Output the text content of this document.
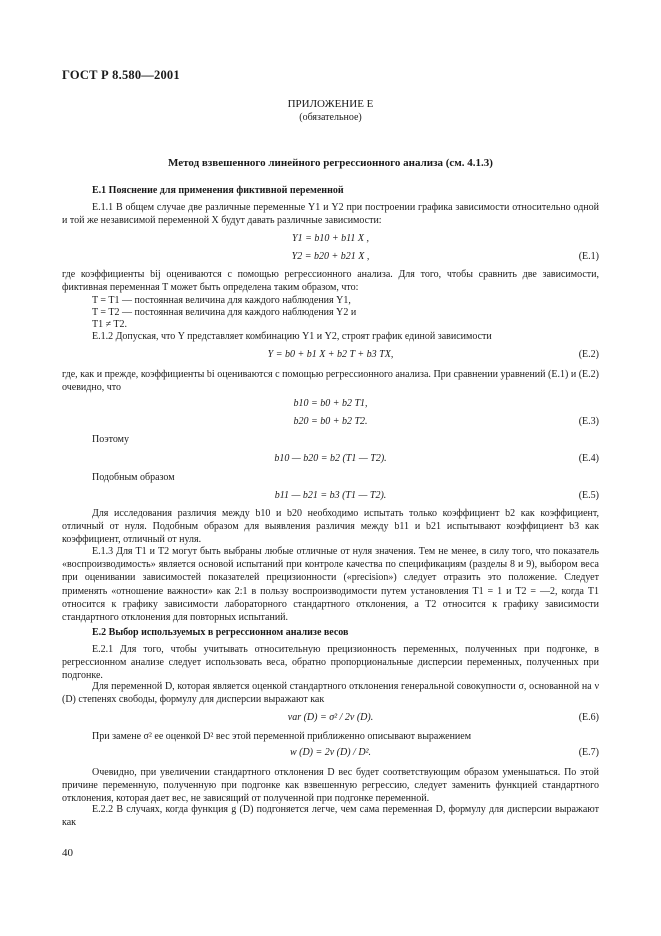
ГОСТ Р 8.580—2001
ПРИЛОЖЕНИЕ Е
(обязательное)
Метод взвешенного линейного регрессионного анализа (см. 4.1.3)
Е.1 Пояснение для применения фиктивной переменной

Е.1.1 В общем случае две различные переменные Y1 и Y2 при построении графика зависимости относительно одной и той же независимой переменной X будут давать различные зависимости:

Y1 = b10 + b11 X ,
Y2 = b20 + b21 X ,	(Е.1)

где коэффициенты bij оцениваются с помощью регрессионного анализа. Для того, чтобы сравнить две зависимости, фиктивная переменная T может быть определена таким образом, что:

T = T1 — постоянная величина для каждого наблюдения Y1,
T = T2 — постоянная величина для каждого наблюдения Y2 и
T1 ≠ T2.

Е.1.2 Допуская, что Y представляет комбинацию Y1 и Y2, строят график единой зависимости

Y = b0 + b1 X + b2 T + b3 TX,	(Е.2)

где, как и прежде, коэффициенты bi оцениваются с помощью регрессионного анализа. При сравнении уравнений (Е.1) и (Е.2) очевидно, что

b10 = b0 + b2 T1,
b20 = b0 + b2 T2.	(Е.3)
Поэтому
b10 — b20 = b2 (T1 — T2).	(Е.4)
Подобным образом
b11 — b21 = b3 (T1 — T2).	(Е.5)

Для исследования различия между b10 и b20 необходимо испытать только коэффициент b2 как коэффициент, отличный от нуля. Подобным образом для выявления различия между b11 и b21 испытывают коэффициент b3 как коэффициент, отличный от нуля.

Е.1.3 Для T1 и T2 могут быть выбраны любые отличные от нуля значения. Тем не менее, в силу того, что показатель «воспроизводимость» является основой испытаний при контроле качества по спецификациям (разделы 8 и 9), выбором веса при оценивании зависимостей показателей прецизионности («precision») следует отразить это положение. Следует применять «отношение важности» как 2:1 в пользу воспроизводимости путем установления T1 = 1 и T2 = —2, когда T1 относится к графику зависимости лабораторного стандартного отклонения, а T2 относится к графику зависимости стандартного отклонения для повторных испытаний.

Е.2 Выбор используемых в регрессионном анализе весов

Е.2.1 Для того, чтобы учитывать относительную прецизионность переменных, полученных при подгонке, в регрессионном анализе следует использовать веса, обратно пропорциональные дисперсии переменных, полученных при подгонке.

Для переменной D, которая является оценкой стандартного отклонения генеральной совокупности σ, основанной на ν (D) степенях свободы, формулу для дисперсии выражают как

var (D) = σ² / 2ν (D).	(Е.6)

При замене σ² ее оценкой D² вес этой переменной приближенно описывают выражением

w (D) = 2ν (D) / D².	(Е.7)

Очевидно, при увеличении стандартного отклонения D вес будет соответствующим образом уменьшаться. По этой причине переменную, полученную при подгонке как взвешенную регрессию, следует заменить функцией стандартного отклонения, которая дает вес, не зависящий от полученной при подгонке переменной.

Е.2.2 В случаях, когда функция g (D) подгоняется легче, чем сама переменная D, формулу для дисперсии выражают как

40
